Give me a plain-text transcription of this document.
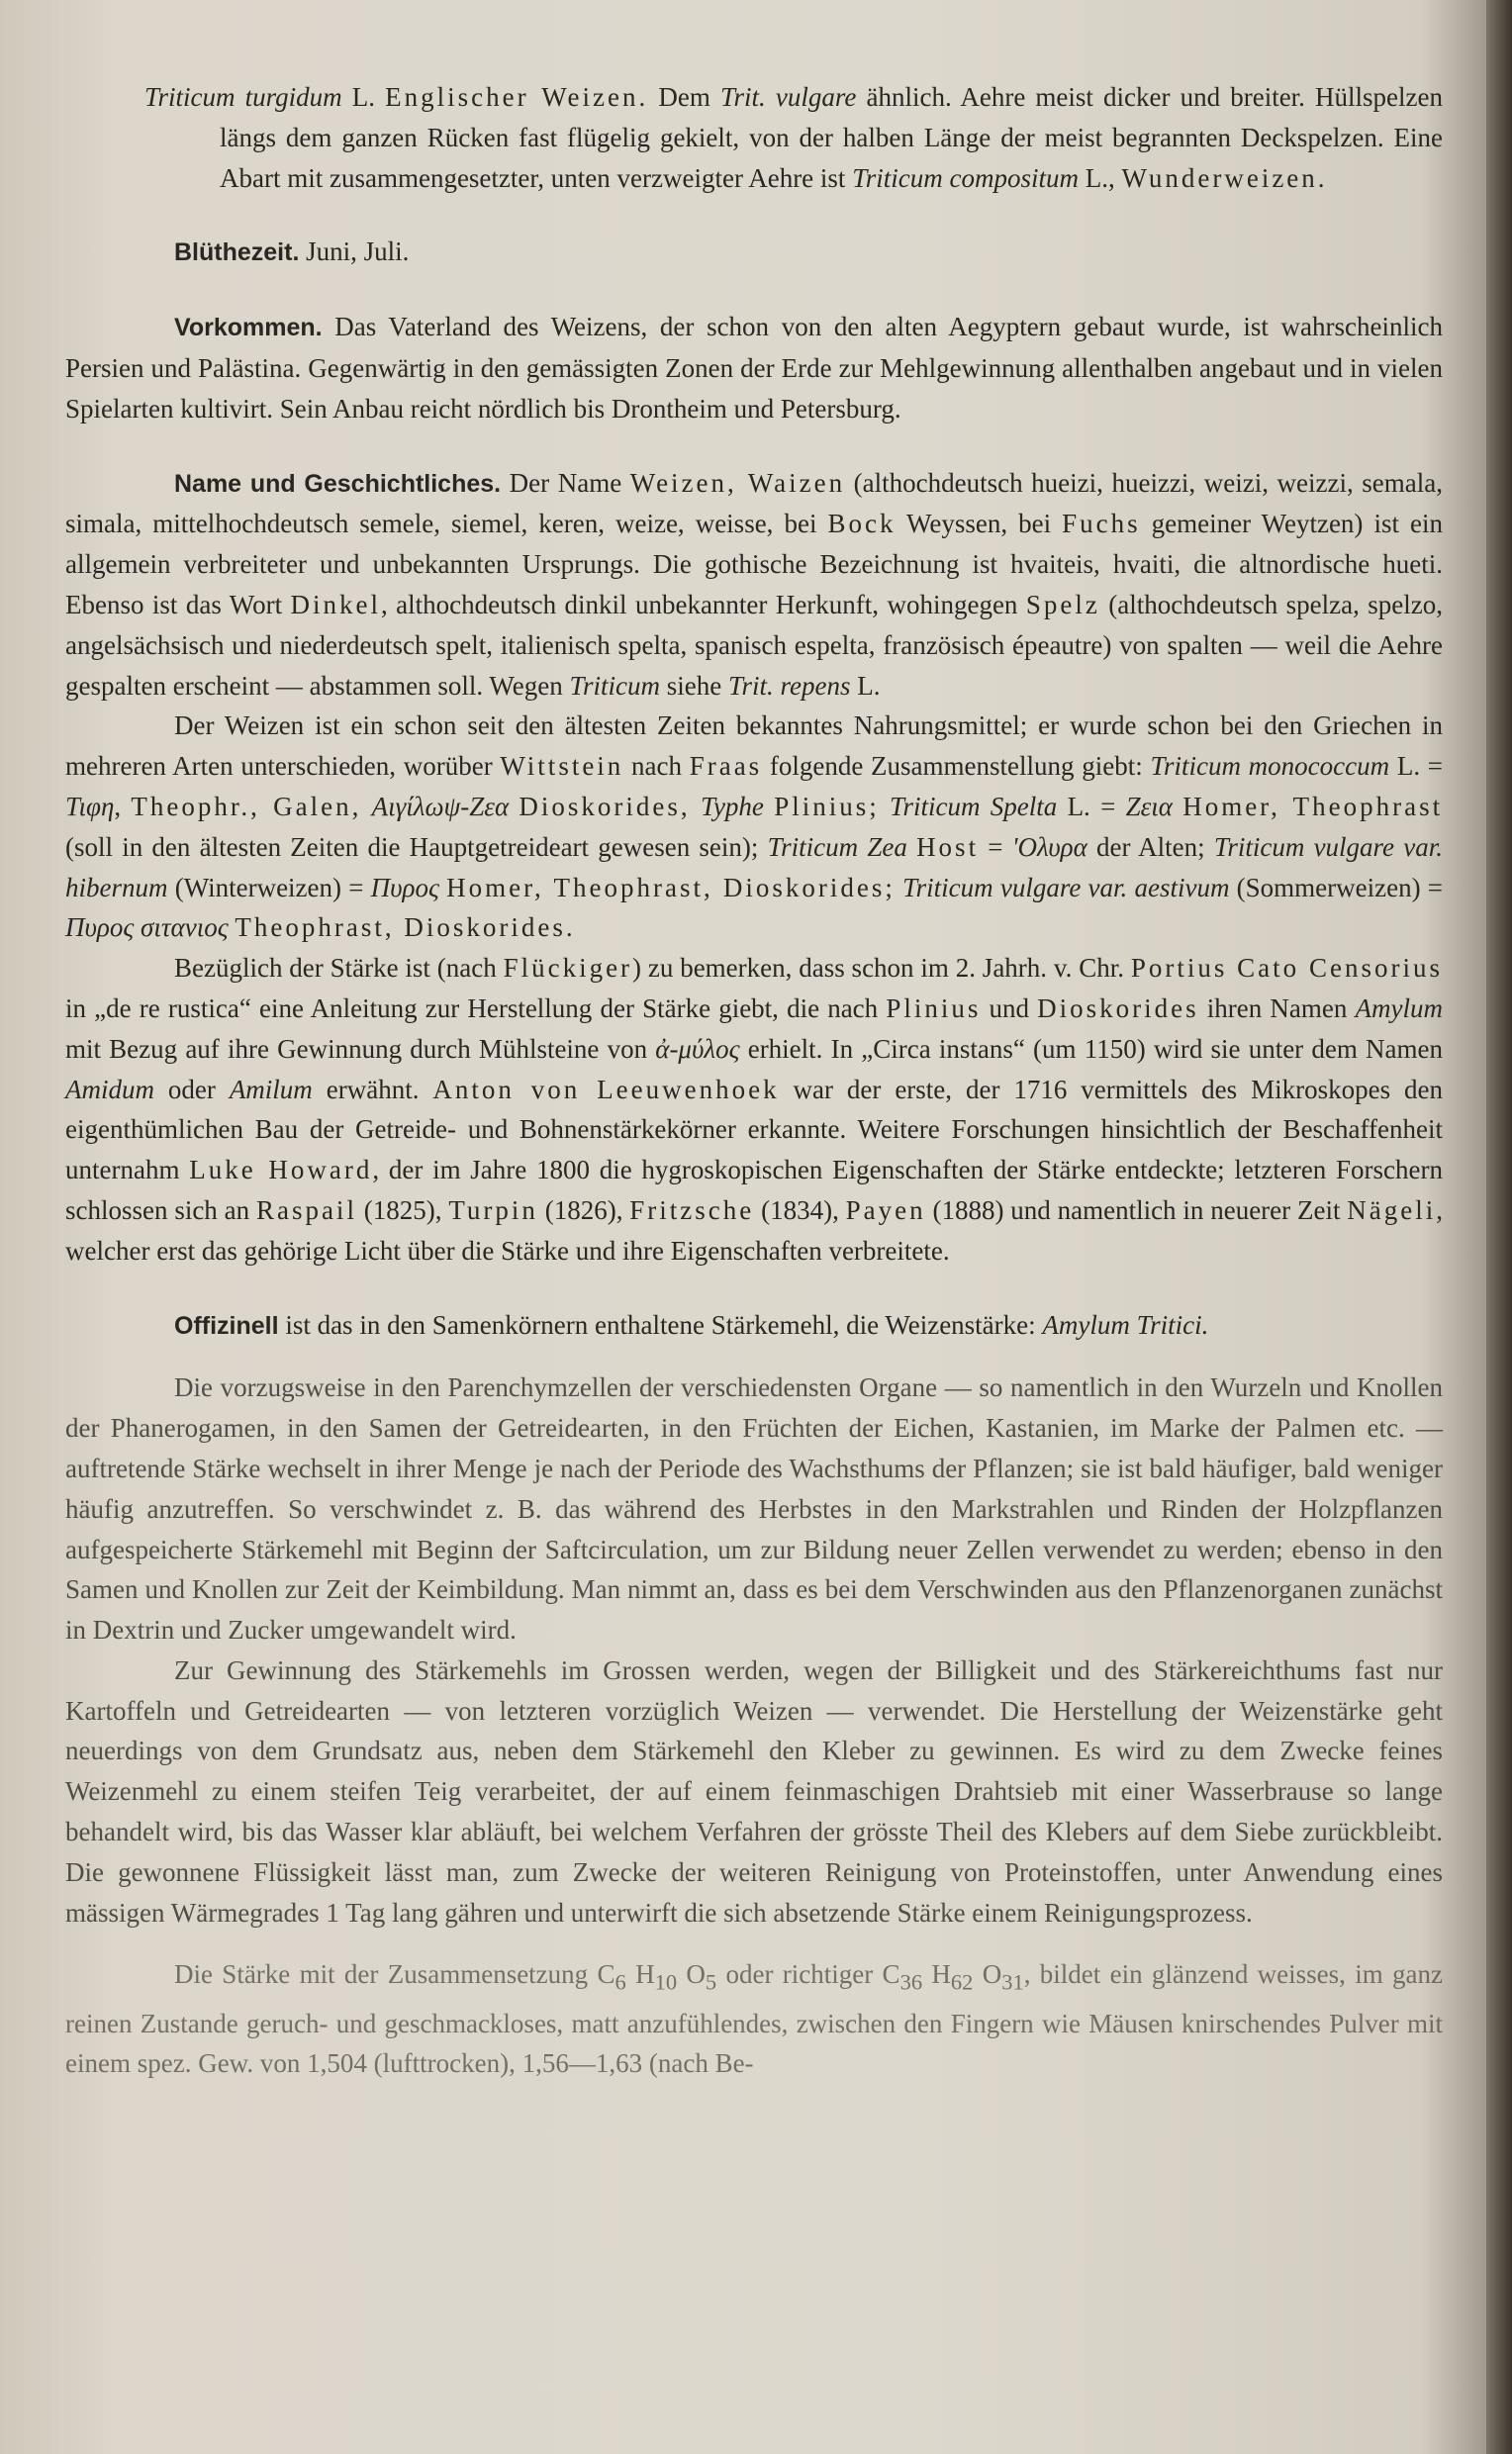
Triticum turgidum L. Englischer Weizen. Dem Trit. vulgare ähnlich. Aehre meist dicker und breiter. Hüllspelzen längs dem ganzen Rücken fast flügelig gekielt, von der halben Länge der meist begrannten Deckspelzen. Eine Abart mit zusammengesetzter, unten verzweigter Aehre ist Triticum compositum L., Wunderweizen.

Blüthezeit. Juni, Juli.

Vorkommen. Das Vaterland des Weizens, der schon von den alten Aegyptern gebaut wurde, ist wahrscheinlich Persien und Palästina. Gegenwärtig in den gemässigten Zonen der Erde zur Mehlgewinnung allenthalben angebaut und in vielen Spielarten kultivirt. Sein Anbau reicht nördlich bis Drontheim und Petersburg.

Name und Geschichtliches. Der Name Weizen, Waizen (althochdeutsch hueizi, hueizzi, weizi, weizzi, semala, simala, mittelhochdeutsch semele, siemel, keren, weize, weisse, bei Bock Weyssen, bei Fuchs gemeiner Weytzen) ist ein allgemein verbreiteter und unbekannten Ursprungs. Die gothische Bezeichnung ist hvaiteis, hvaiti, die altnordische hueti. Ebenso ist das Wort Dinkel, althochdeutsch dinkil unbekannter Herkunft, wohingegen Spelz (althochdeutsch spelza, spelzo, angelsächsisch und niederdeutsch spelt, italienisch spelta, spanisch espelta, französisch épeautre) von spalten — weil die Aehre gespalten erscheint — abstammen soll. Wegen Triticum siehe Trit. repens L.

Der Weizen ist ein schon seit den ältesten Zeiten bekanntes Nahrungsmittel; er wurde schon bei den Griechen in mehreren Arten unterschieden, worüber Wittstein nach Fraas folgende Zusammenstellung giebt: Triticum monococcum L. = Τιφη, Theophr., Galen, Αιγίλωψ-Ζεα Dioskorides, Typhe Plinius; Triticum Spelta L. = Ζεια Homer, Theophrast (soll in den ältesten Zeiten die Hauptgetreideart gewesen sein); Triticum Zea Host = 'Ολυρα der Alten; Triticum vulgare var. hibernum (Winterweizen) = Πυρος Homer, Theophrast, Dioskorides; Triticum vulgare var. aestivum (Sommerweizen) = Πυρος σιτανιος Theophrast, Dioskorides.

Bezüglich der Stärke ist (nach Flückiger) zu bemerken, dass schon im 2. Jahrh. v. Chr. Portius Cato Censorius in „de re rustica“ eine Anleitung zur Herstellung der Stärke giebt, die nach Plinius und Dioskorides ihren Namen Amylum mit Bezug auf ihre Gewinnung durch Mühlsteine von ἀ-μύλος erhielt. In „Circa instans“ (um 1150) wird sie unter dem Namen Amidum oder Amilum erwähnt. Anton von Leeuwenhoek war der erste, der 1716 vermittels des Mikroskopes den eigenthümlichen Bau der Getreide- und Bohnenstärkekörner erkannte. Weitere Forschungen hinsichtlich der Beschaffenheit unternahm Luke Howard, der im Jahre 1800 die hygroskopischen Eigenschaften der Stärke entdeckte; letzteren Forschern schlossen sich an Raspail (1825), Turpin (1826), Fritzsche (1834), Payen (1888) und namentlich in neuerer Zeit Nägeli, welcher erst das gehörige Licht über die Stärke und ihre Eigenschaften verbreitete.

Offizinell ist das in den Samenkörnern enthaltene Stärkemehl, die Weizenstärke: Amylum Tritici.

Die vorzugsweise in den Parenchymzellen der verschiedensten Organe — so namentlich in den Wurzeln und Knollen der Phanerogamen, in den Samen der Getreidearten, in den Früchten der Eichen, Kastanien, im Marke der Palmen etc. — auftretende Stärke wechselt in ihrer Menge je nach der Periode des Wachsthums der Pflanzen; sie ist bald häufiger, bald weniger häufig anzutreffen. So verschwindet z. B. das während des Herbstes in den Markstrahlen und Rinden der Holzpflanzen aufgespeicherte Stärkemehl mit Beginn der Saftcirculation, um zur Bildung neuer Zellen verwendet zu werden; ebenso in den Samen und Knollen zur Zeit der Keimbildung. Man nimmt an, dass es bei dem Verschwinden aus den Pflanzenorganen zunächst in Dextrin und Zucker umgewandelt wird.

Zur Gewinnung des Stärkemehls im Grossen werden, wegen der Billigkeit und des Stärkereichthums fast nur Kartoffeln und Getreidearten — von letzteren vorzüglich Weizen — verwendet. Die Herstellung der Weizenstärke geht neuerdings von dem Grundsatz aus, neben dem Stärkemehl den Kleber zu gewinnen. Es wird zu dem Zwecke feines Weizenmehl zu einem steifen Teig verarbeitet, der auf einem feinmaschigen Drahtsieb mit einer Wasserbrause so lange behandelt wird, bis das Wasser klar abläuft, bei welchem Verfahren der grösste Theil des Klebers auf dem Siebe zurückbleibt. Die gewonnene Flüssigkeit lässt man, zum Zwecke der weiteren Reinigung von Proteinstoffen, unter Anwendung eines mässigen Wärmegrades 1 Tag lang gähren und unterwirft die sich absetzende Stärke einem Reinigungsprozess.

Die Stärke mit der Zusammensetzung $C_6$ $H_{10}$ $O_5$ oder richtiger $C_{36}$ $H_{62}$ $O_{31}$, bildet ein glänzend weisses, im ganz reinen Zustande geruch- und geschmackloses, matt anzufühlendes, zwischen den Fingern wie Mäusen knirschendes Pulver mit einem spez. Gew. von 1,504 (lufttrocken), 1,56—1,63 (nach Be-
